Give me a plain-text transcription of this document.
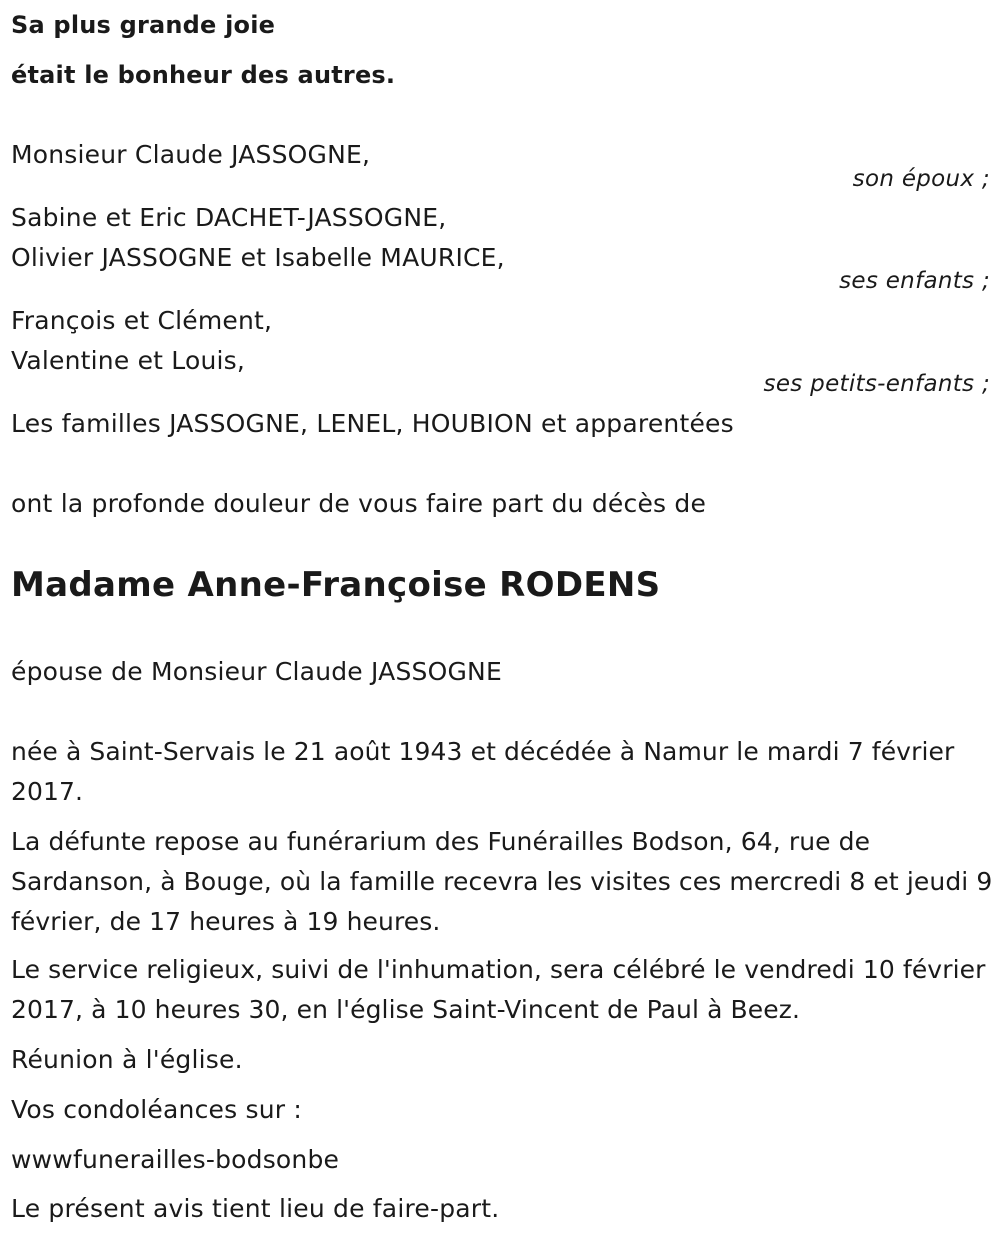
Sa plus grande joie
était le bonheur des autres.
Monsieur Claude JASSOGNE,
son époux ;
Sabine et Eric DACHET-JASSOGNE,
Olivier JASSOGNE et Isabelle MAURICE,
ses enfants ;
François et Clément,
Valentine et Louis,
ses petits-enfants ;
Les familles JASSOGNE, LENEL, HOUBION et apparentées
ont la profonde douleur de vous faire part du décès de
Madame Anne-Françoise RODENS
épouse de Monsieur Claude JASSOGNE
née à Saint-Servais le 21 août 1943 et décédée à Namur le mardi 7 février 2017.
La défunte repose au funérarium des Funérailles Bodson, 64, rue de Sardanson, à Bouge, où la famille recevra les visites ces mercredi 8 et jeudi 9 février, de 17 heures à 19 heures.
Le service religieux, suivi de l'inhumation, sera célébré le vendredi 10 février 2017, à 10 heures 30, en l'église Saint-Vincent de Paul à Beez.
Réunion à l'église.
Vos condoléances sur :
wwwfunerailles-bodsonbe
Le présent avis tient lieu de faire-part.
